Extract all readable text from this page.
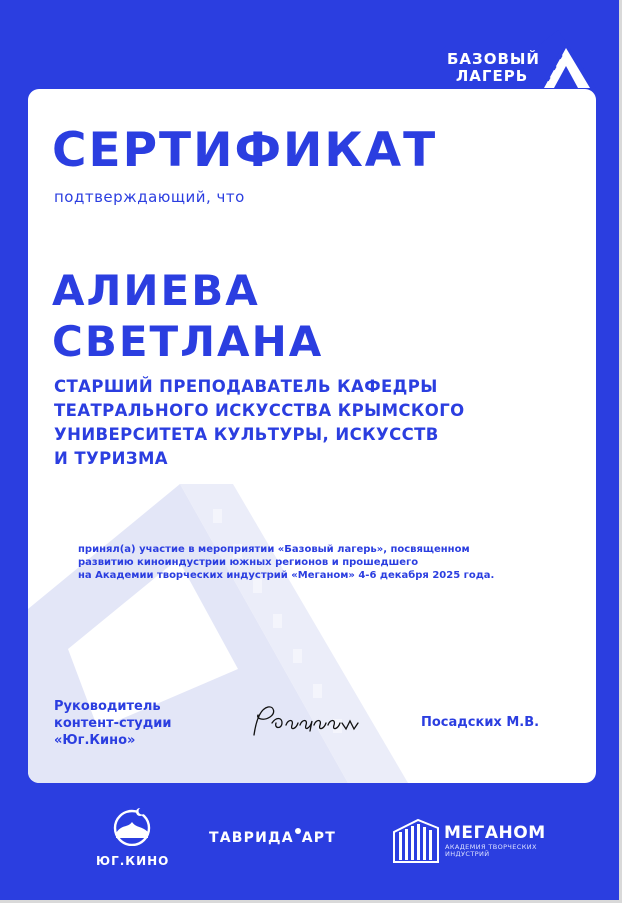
СЕРТИФИКАТ
подтверждающий, что
АЛИЕВА
СВЕТЛАНА
СТАРШИЙ ПРЕПОДАВАТЕЛЬ КАФЕДРЫ
ТЕАТРАЛЬНОГО ИСКУССТВА КРЫМСКОГО
УНИВЕРСИТЕТА КУЛЬТУРЫ, ИСКУССТВ
И ТУРИЗМА
принял(а) участие в мероприятии «Базовый лагерь», посвященном
развитию киноиндустрии южных регионов и прошедшего
на Академии творческих индустрий «Меганом» 4-6 декабря 2025 года.
Руководитель
контент-студии
«Юг.Кино»
Посадских М.В.
БАЗОВЫЙ
ЛАГЕРЬ
ЮГ.КИНО
ТАВРИДА АРТ	МЕГАНОМ
АКАДЕМИЯ ТВОРЧЕСКИХ
ИНДУСТРИЙ
